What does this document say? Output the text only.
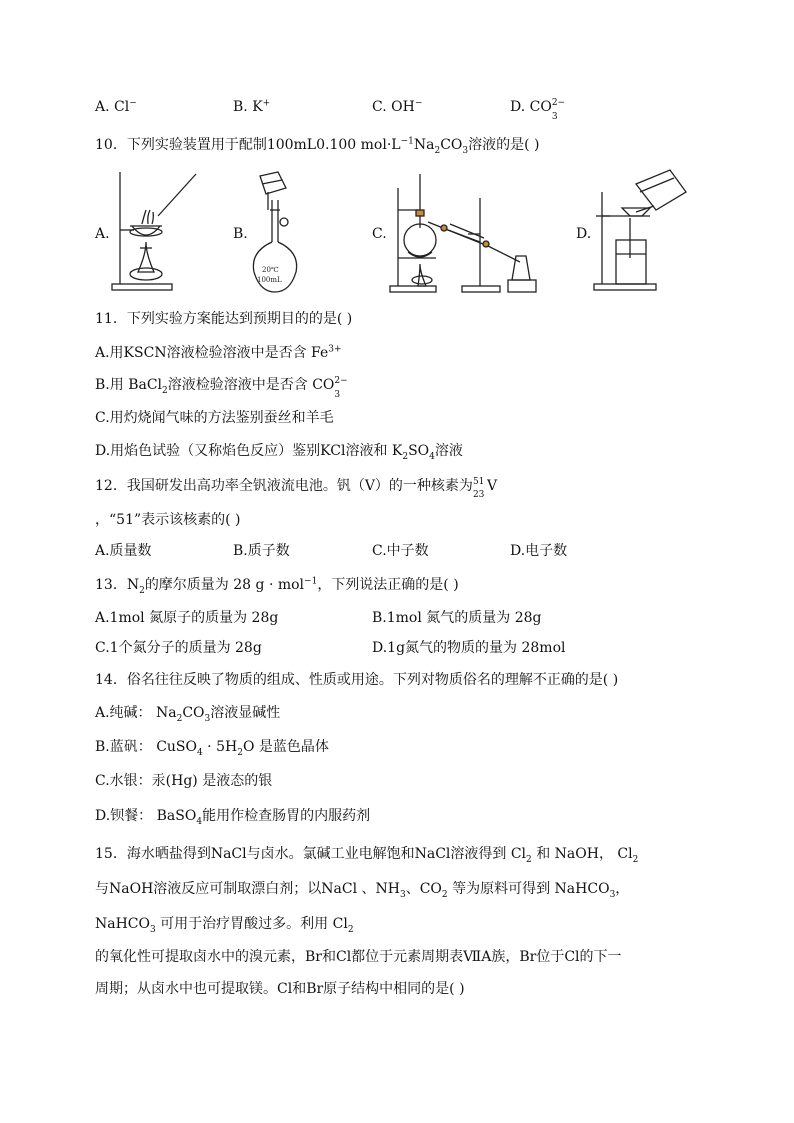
A. Cl−	B. K+	C. OH−	D. CO 2−
3
10．下列实验装置用于配制100mL0.100 $mol\cdot L^{-1}Na_2CO_3$溶液的是( )
A.	B.
20℃
100mL
C.	D.
11．下列实验方案能达到预期目的的是( )
A.用KSCN溶液检验溶液中是否含 $Fe^{3+}$
B.用 BaCl$_2$溶液检验溶液中是否含 CO 2−
3
C.用灼烧闻气味的方法鉴别蚕丝和羊毛
D.用焰色试验（又称焰色反应）鉴别KCl溶液和 $K_2SO_4$溶液
12．我国研发出高功率全钒液流电池。钒（V）的一种核素为 51
23
V
，“51”表示该核素的( )
A.质量数	B.质子数	C.中子数	D.电子数
13．$N_2$的摩尔质量为 28 g · mol$^{-1}$，下列说法正确的是( )
A.1mol 氮原子的质量为 28g	B.1mol 氮气的质量为 28g
C.1个氮分子的质量为 28g	D.1g氮气的物质的量为 28mol
14．俗名往往反映了物质的组成、性质或用途。下列对物质俗名的理解不正确的是( )
A.纯碱： $Na_2CO_3$溶液显碱性
B.蓝矾： CuSO$_4$ · $5H_2O$ 是蓝色晶体
C.水银：汞(Hg) 是液态的银
D.钡餐： BaSO$_4$能用作检查肠胃的内服药剂
15．海水晒盐得到NaCl与卤水。氯碱工业电解饱和NaCl溶液得到 $Cl_2$ 和 NaOH， $Cl_2$
与NaOH溶液反应可制取漂白剂；以NaCl 、$NH_3$、$CO_2$ 等为原料可得到 NaHCO$_3$，
NaHCO$_3$ 可用于治疗胃酸过多。利用 $Cl_2$
的氧化性可提取卤水中的溴元素，Br和Cl都位于元素周期表ⅦA族，Br位于Cl的下一
周期；从卤水中也可提取镁。Cl和Br原子结构中相同的是( )
